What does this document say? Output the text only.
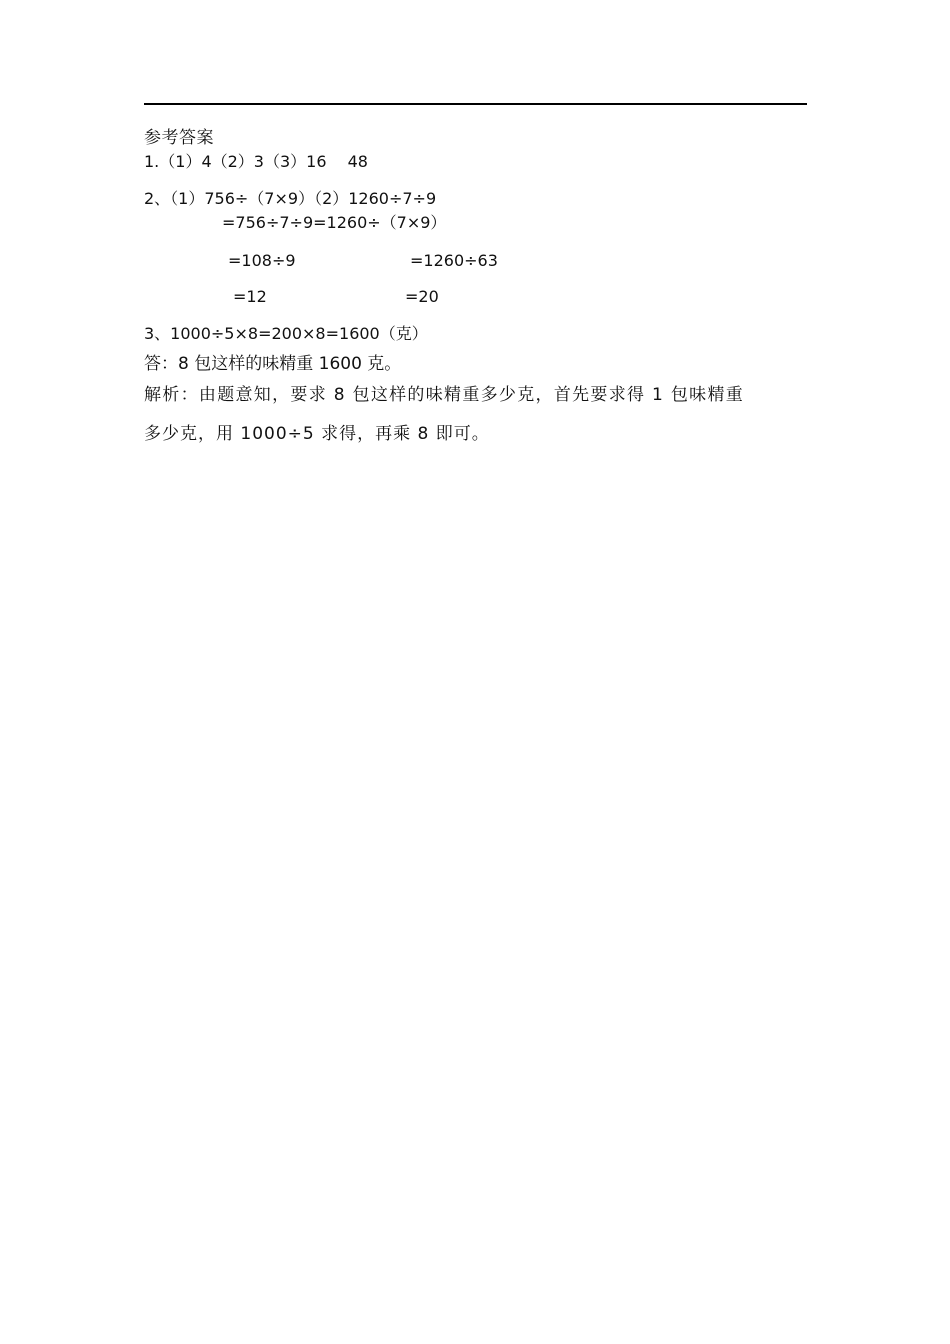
参考答案
1.（1）4（2）3（3）16　 48
2、（1）756÷（7×9）（2）1260÷7÷9
=756÷7÷9=1260÷（7×9）
=108÷9	=1260÷63
=12	=20
3、1000÷5×8=200×8=1600（克）
答：8 包这样的味精重 1600 克。
解析：由题意知，要求 8 包这样的味精重多少克，首先要求得 1 包味精重
多少克，用 1000÷5 求得，再乘 8 即可。
